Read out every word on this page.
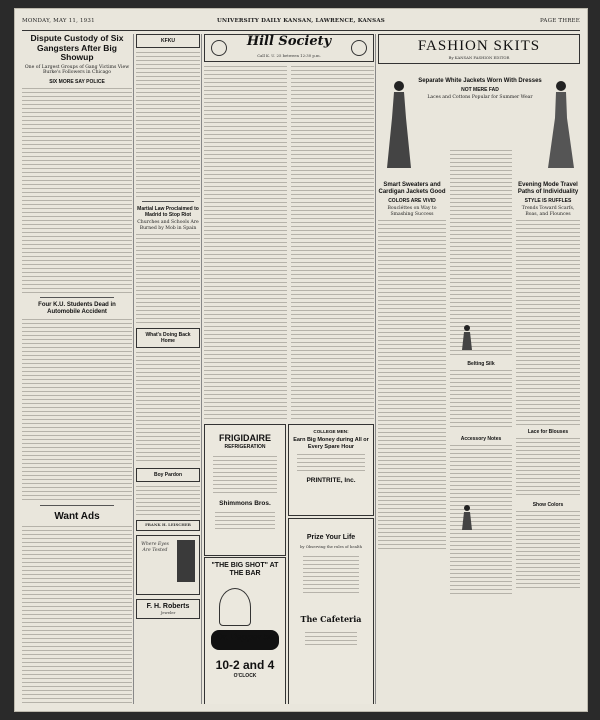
MONDAY, MAY 11, 1931	UNIVERSITY DAILY KANSAN, LAWRENCE, KANSAS	PAGE THREE
Dispute Custody of Six Gangsters After Big Showup
One of Largest Groups of Gang Victims View Burke's Followers in Chicago
SIX MORE SAY POLICE
Four K.U. Students Dead in Automobile Accident
Want Ads
KFKU
Martial Law Proclaimed to Madrid to Stop Riot
Churches and Schools Are Burned by Mob in Spain
What's Doing Back Home
Boy Pardon
FRANK H. LEISCHER
Where Eyes Are Tested
F. H. Roberts
Jeweler
Hill Society
Call K. U. 25 between 12:30 p.m.
FRIGIDAIRE
REFRIGERATION
Shimmons Bros.
"THE BIG SHOT" AT THE BAR
Dr. Pepper 5¢
10-2 and 4
O'CLOCK
COLLEGE MEN:
Earn Big Money during All or Every Spare Hour
PRINTRITE, Inc.
Prize Your Life
by Observing the rules of health
The Cafeteria
FASHION SKITS
By KANSAN FASHION EDITOR
Separate White Jackets Worn With Dresses
NOT MERE FAD
Laces and Cottons Popular for Summer Wear
Smart Sweaters and Cardigan Jackets Good
COLORS ARE VIVID
Boucléttes on Way to Smashing Success
Belting Silk
Accessory Notes
Evening Mode Travel Paths of Individuality
STYLE IS RUFFLES
Trends Toward Scarfs, Boas, and Flounces
Lace for Blouses
Show Colors
